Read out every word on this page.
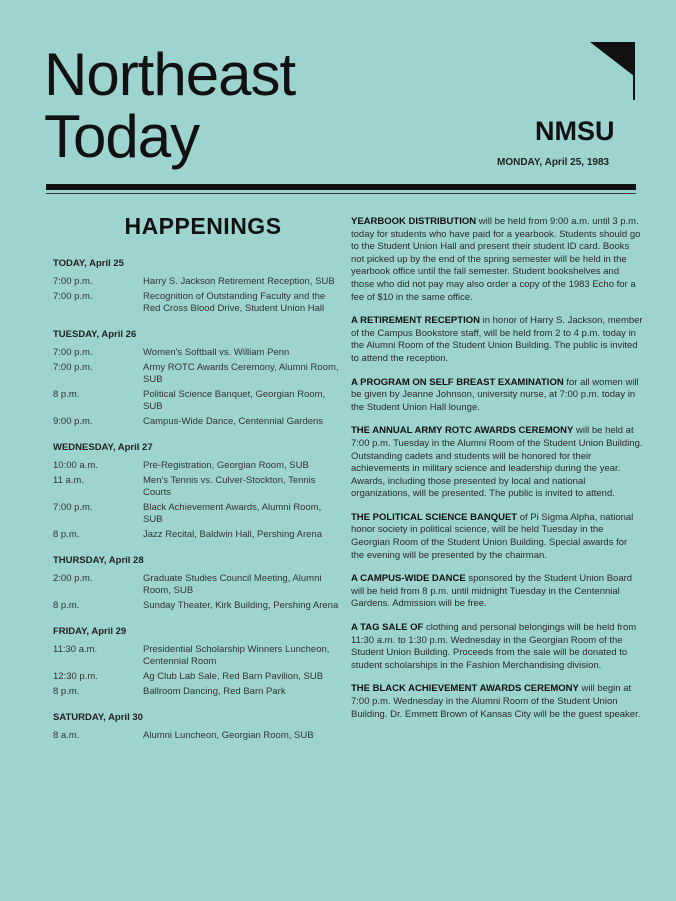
Northeast
Today	NMSU
MONDAY, April 25, 1983
HAPPENINGS
TODAY, April 25
7:00 p.m.	Harry S. Jackson Retirement Reception, SUB
7:00 p.m.	Recognition of Outstanding Faculty and the Red Cross Blood Drive, Student Union Hall
TUESDAY, April 26
7:00 p.m.	Women's Softball vs. William Penn
7:00 p.m.	Army ROTC Awards Ceremony, Alumni Room, SUB
8 p.m.	Political Science Banquet, Georgian Room, SUB
9:00 p.m.	Campus-Wide Dance, Centennial Gardens
WEDNESDAY, April 27
10:00 a.m.	Pre-Registration, Georgian Room, SUB
11 a.m.	Men's Tennis vs. Culver-Stockton, Tennis Courts
7:00 p.m.	Black Achievement Awards, Alumni Room, SUB
8 p.m.	Jazz Recital, Baldwin Hall, Pershing Arena
THURSDAY, April 28
2:00 p.m.	Graduate Studies Council Meeting, Alumni Room, SUB
8 p.m.	Sunday Theater, Kirk Building, Pershing Arena
FRIDAY, April 29
11:30 a.m.	Presidential Scholarship Winners Luncheon, Centennial Room
12:30 p.m.	Ag Club Lab Sale, Red Barn Pavilion, SUB
8 p.m.	Ballroom Dancing, Red Barn Park
SATURDAY, April 30
8 a.m.	Alumni Luncheon, Georgian Room, SUB

YEARBOOK DISTRIBUTION will be held from 9:00 a.m. until 3 p.m. today for students who have paid for a yearbook. Students should go to the Student Union Hall and present their student ID card. Books not picked up by the end of the spring semester will be held in the yearbook office until the fall semester. Student bookshelves and those who did not pay may also order a copy of the 1983 Echo for a fee of $10 in the same office.

A RETIREMENT RECEPTION in honor of Harry S. Jackson, member of the Campus Bookstore staff, will be held from 2 to 4 p.m. today in the Alumni Room of the Student Union Building. The public is invited to attend the reception.

A PROGRAM ON SELF BREAST EXAMINATION for all women will be given by Jeanne Johnson, university nurse, at 7:00 p.m. today in the Student Union Hall lounge.

THE ANNUAL ARMY ROTC AWARDS CEREMONY will be held at 7:00 p.m. Tuesday in the Alumni Room of the Student Union Building. Outstanding cadets and students will be honored for their achievements in military science and leadership during the year. Awards, including those presented by local and national organizations, will be presented. The public is invited to attend.

THE POLITICAL SCIENCE BANQUET of Pi Sigma Alpha, national honor society in political science, will be held Tuesday in the Georgian Room of the Student Union Building. Special awards for the evening will be presented by the chairman.

A CAMPUS-WIDE DANCE sponsored by the Student Union Board will be held from 8 p.m. until midnight Tuesday in the Centennial Gardens. Admission will be free.

A TAG SALE OF clothing and personal belongings will be held from 11:30 a.m. to 1:30 p.m. Wednesday in the Georgian Room of the Student Union Building. Proceeds from the sale will be donated to student scholarships in the Fashion Merchandising division.

THE BLACK ACHIEVEMENT AWARDS CEREMONY will begin at 7:00 p.m. Wednesday in the Alumni Room of the Student Union Building. Dr. Emmett Brown of Kansas City will be the guest speaker.
